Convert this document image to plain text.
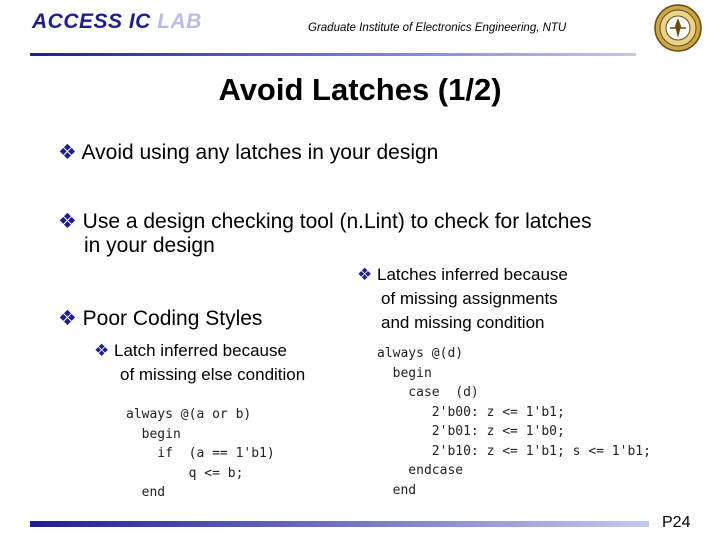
ACCESS IC LAB	Graduate Institute of Electronics Engineering, NTU
Avoid Latches (1/2)
❖ Avoid using any latches in your design
❖ Use a design checking tool (n.Lint) to check for latches
in your design
❖ Poor Coding Styles
❖ Latch inferred because
of missing else condition
❖ Latches inferred because
of missing assignments
and missing condition
always @(a or b)
begin
if  (a == 1'b1)
q <= b;
end
always @(d)
begin
case  (d)
2'b00: z <= 1'b1;
2'b01: z <= 1'b0;
2'b10: z <= 1'b1; s <= 1'b1;
endcase
end
P24
